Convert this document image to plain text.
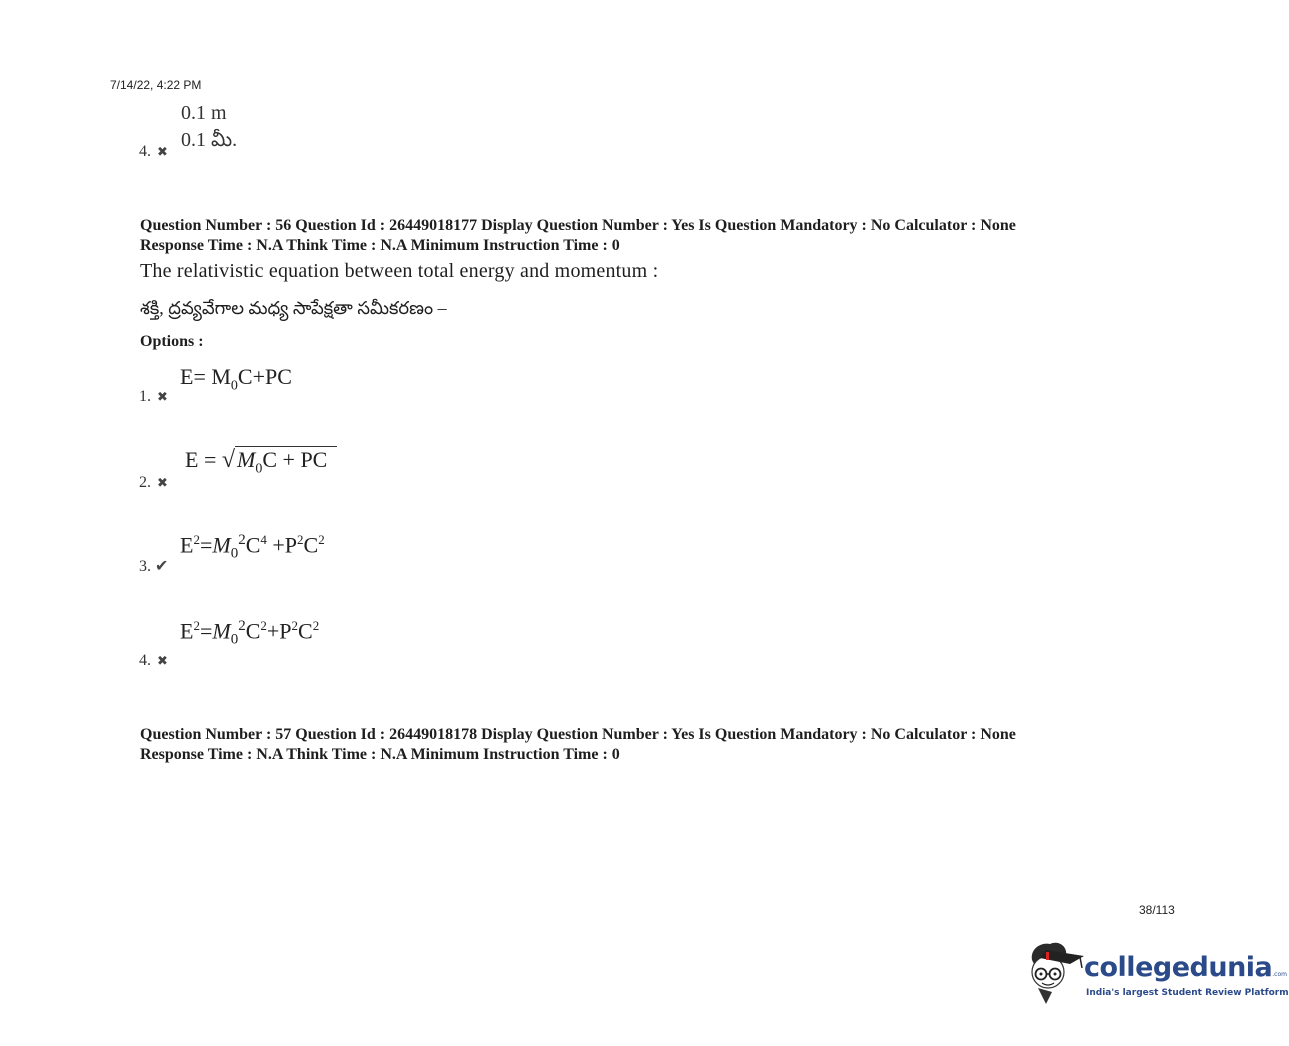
7/14/22, 4:22 PM
0.1 m
0.1 మీ.
4. ✖
Question Number : 56 Question Id : 26449018177 Display Question Number : Yes Is Question Mandatory : No Calculator : None
Response Time : N.A Think Time : N.A Minimum Instruction Time : 0
The relativistic equation between total energy and momentum :
శక్తి, ద్రవ్యవేగాల మధ్య సాపేక్షతా సమీకరణం –
Options :
$E= M_0C+PC$
1. ✖
$E = √M_0C$ + PC
2. ✖
$E^2=M_0^2C^4 +P^2C^2$
3. ✔
$E^2=M_0^2C^2+P^2C^2$
4. ✖
Question Number : 57 Question Id : 26449018178 Display Question Number : Yes Is Question Mandatory : No Calculator : None
Response Time : N.A Think Time : N.A Minimum Instruction Time : 0
38/113
collegedunia.com
India's largest Student Review Platform
